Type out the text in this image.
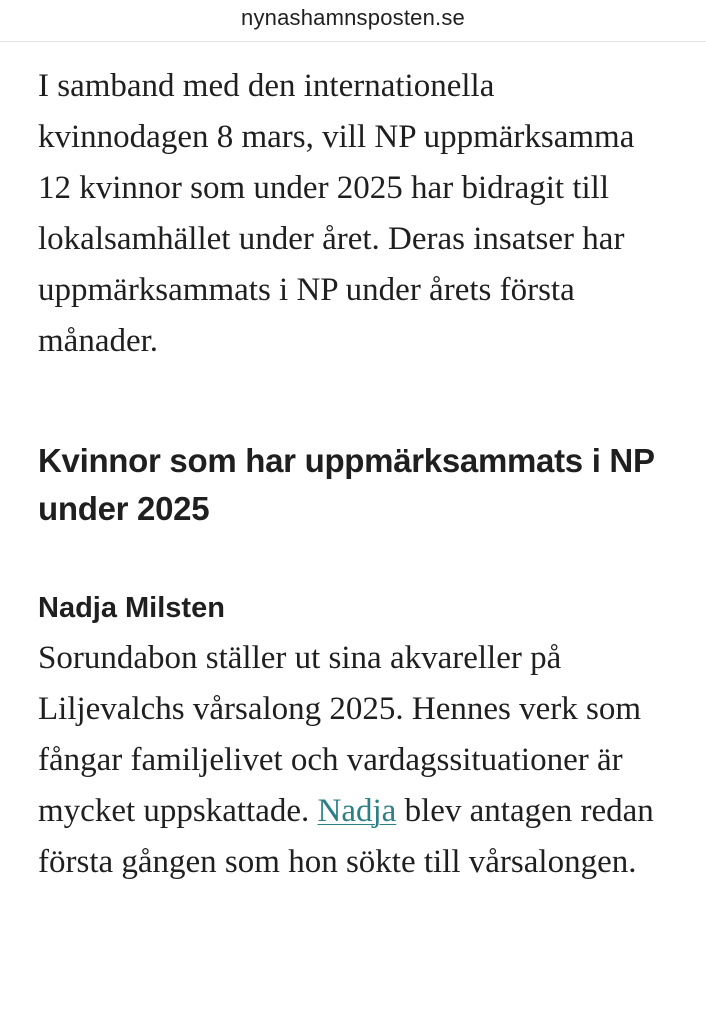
nynashamnsposten.se

I samband med den internationella kvinnodagen 8 mars, vill NP uppmärksamma 12 kvinnor som under 2025 har bidragit till lokalsamhället under året. Deras insatser har uppmärksammats i NP under årets första månader.

Kvinnor som har uppmärksammats i NP under 2025
Nadja Milsten

Sorundabon ställer ut sina akvareller på Liljevalchs vårsalong 2025. Hennes verk som fångar familjelivet och vardagssituationer är mycket uppskattade. Nadja blev antagen redan första gången som hon sökte till vårsalongen.
